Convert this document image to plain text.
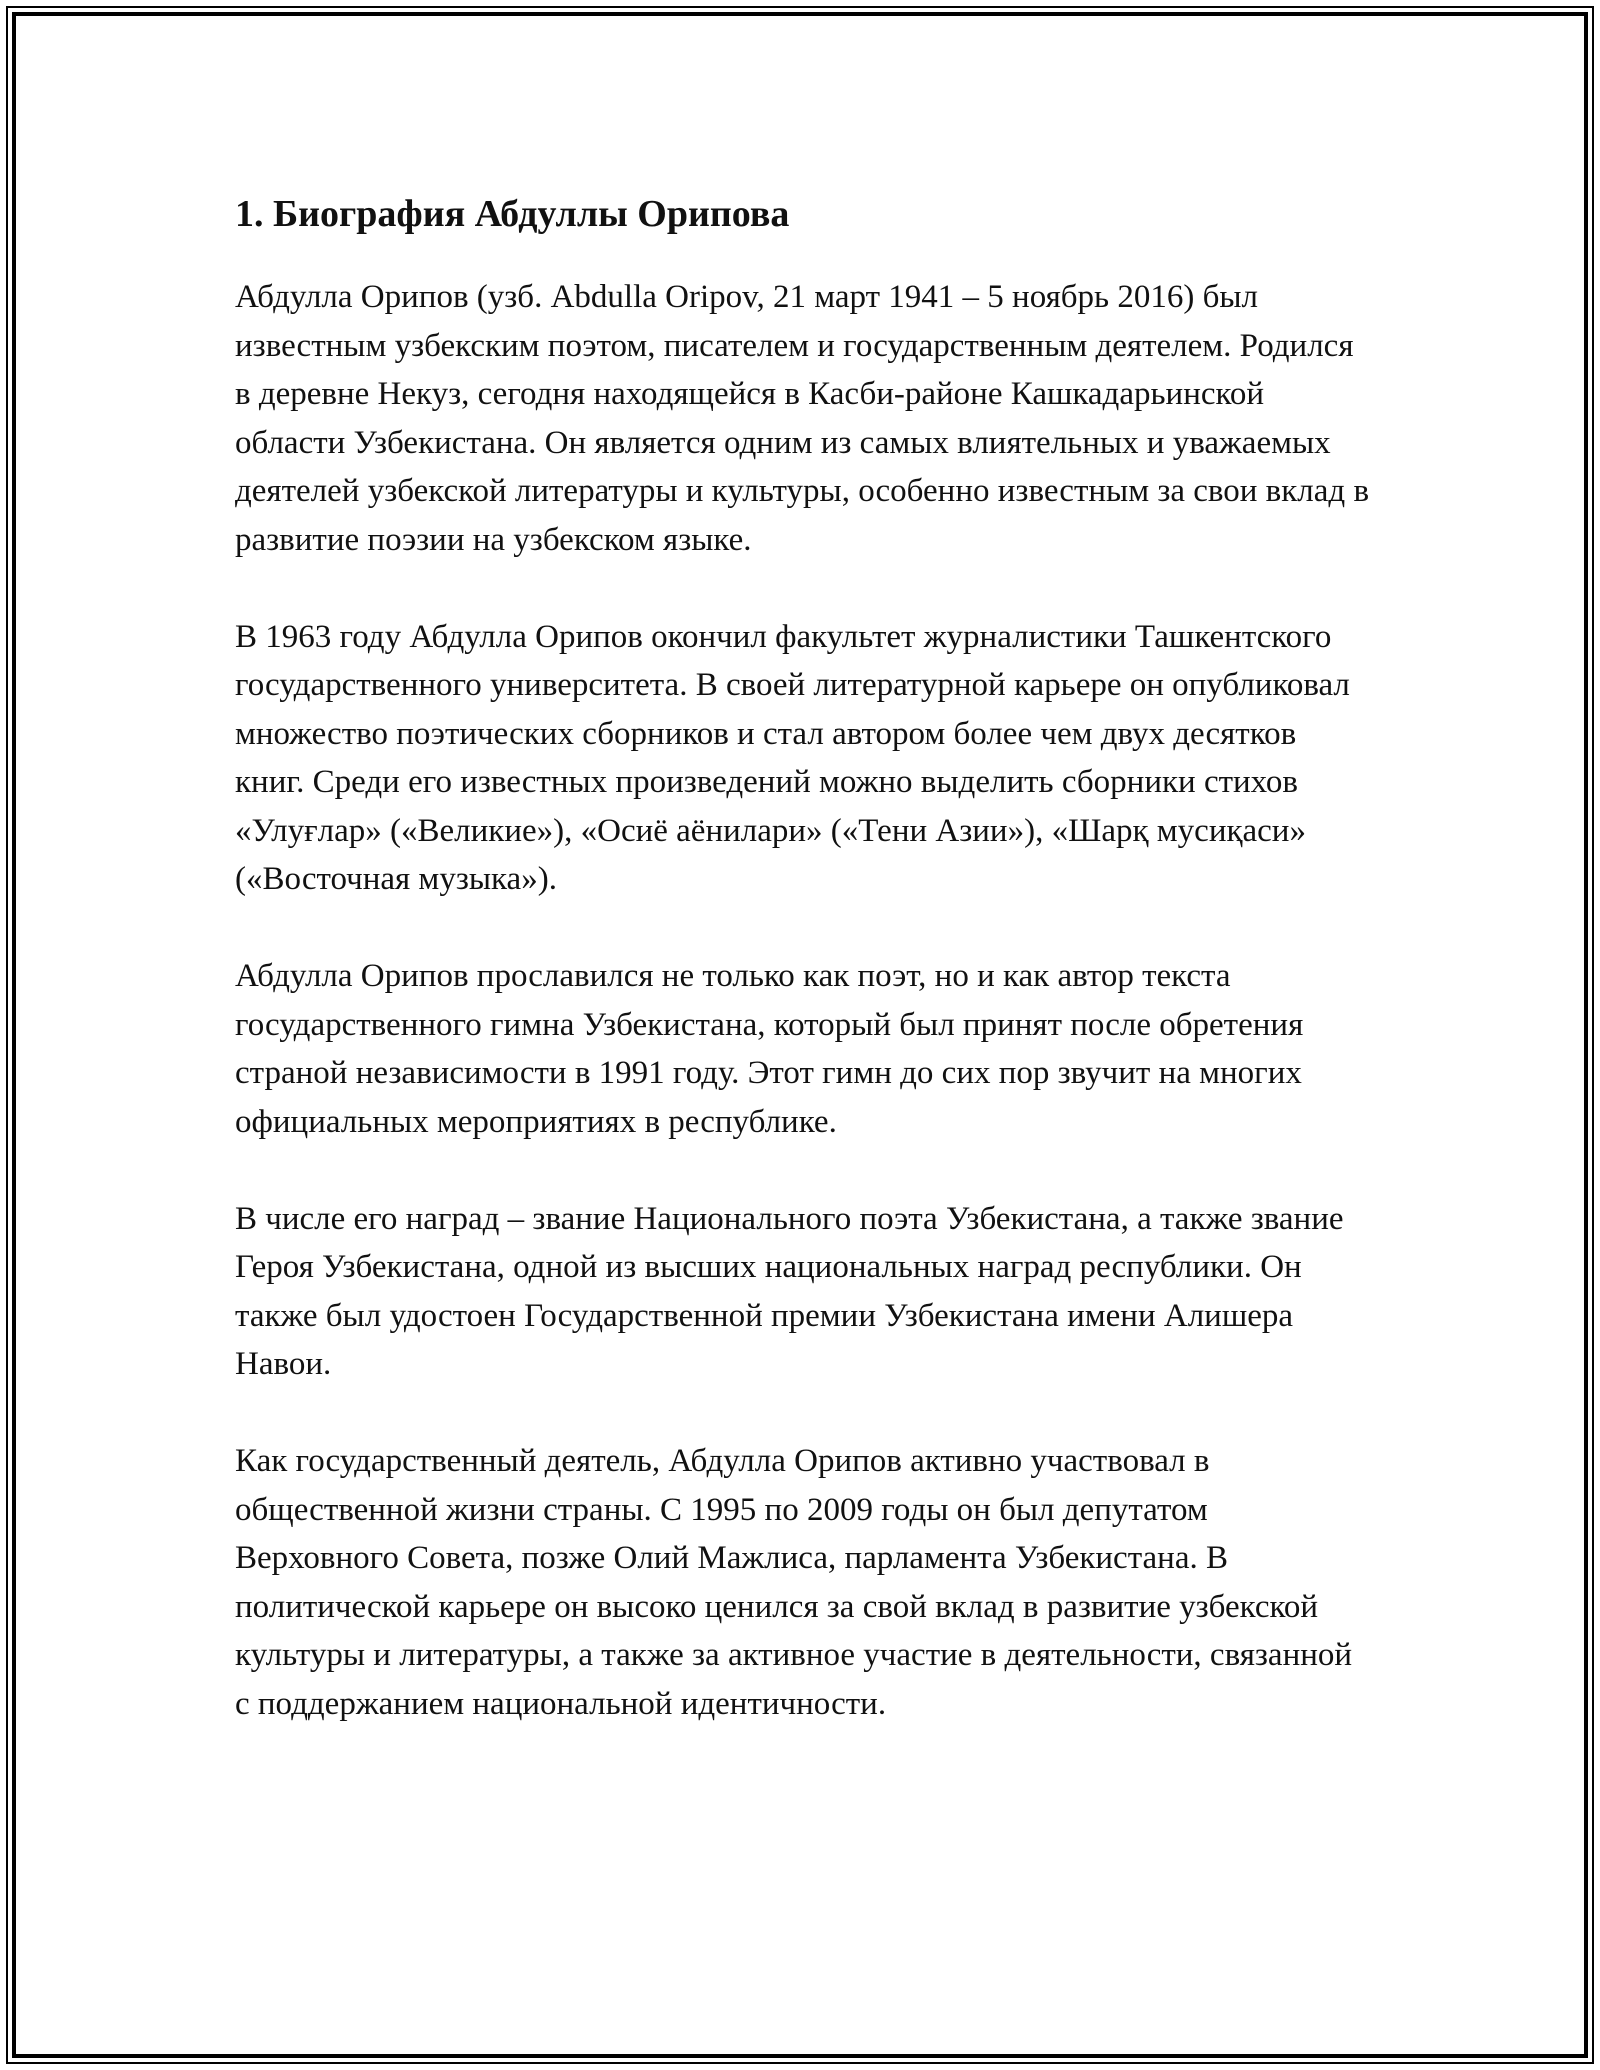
1. Биография Абдуллы Орипова

Абдулла Орипов (узб. Abdulla Oripov, 21 март 1941 – 5 ноябрь 2016) был известным узбекским поэтом, писателем и государственным деятелем. Родился в деревне Некуз, сегодня находящейся в Касби-районе Кашкадарьинской области Узбекистана. Он является одним из самых влиятельных и уважаемых деятелей узбекской литературы и культуры, особенно известным за свои вклад в развитие поэзии на узбекском языке.

В 1963 году Абдулла Орипов окончил факультет журналистики Ташкентского государственного университета. В своей литературной карьере он опубликовал множество поэтических сборников и стал автором более чем двух десятков книг. Среди его известных произведений можно выделить сборники стихов «Улуғлар» («Великие»), «Осиё аёнилари» («Тени Азии»), «Шарқ мусиқаси» («Восточная музыка»).

Абдулла Орипов прославился не только как поэт, но и как автор текста государственного гимна Узбекистана, который был принят после обретения страной независимости в 1991 году. Этот гимн до сих пор звучит на многих официальных мероприятиях в республике.

В числе его наград – звание Национального поэта Узбекистана, а также звание Героя Узбекистана, одной из высших национальных наград республики. Он также был удостоен Государственной премии Узбекистана имени Алишера Навои.

Как государственный деятель, Абдулла Орипов активно участвовал в общественной жизни страны. С 1995 по 2009 годы он был депутатом Верховного Совета, позже Олий Мажлиса, парламента Узбекистана. В политической карьере он высоко ценился за свой вклад в развитие узбекской культуры и литературы, а также за активное участие в деятельности, связанной с поддержанием национальной идентичности.
